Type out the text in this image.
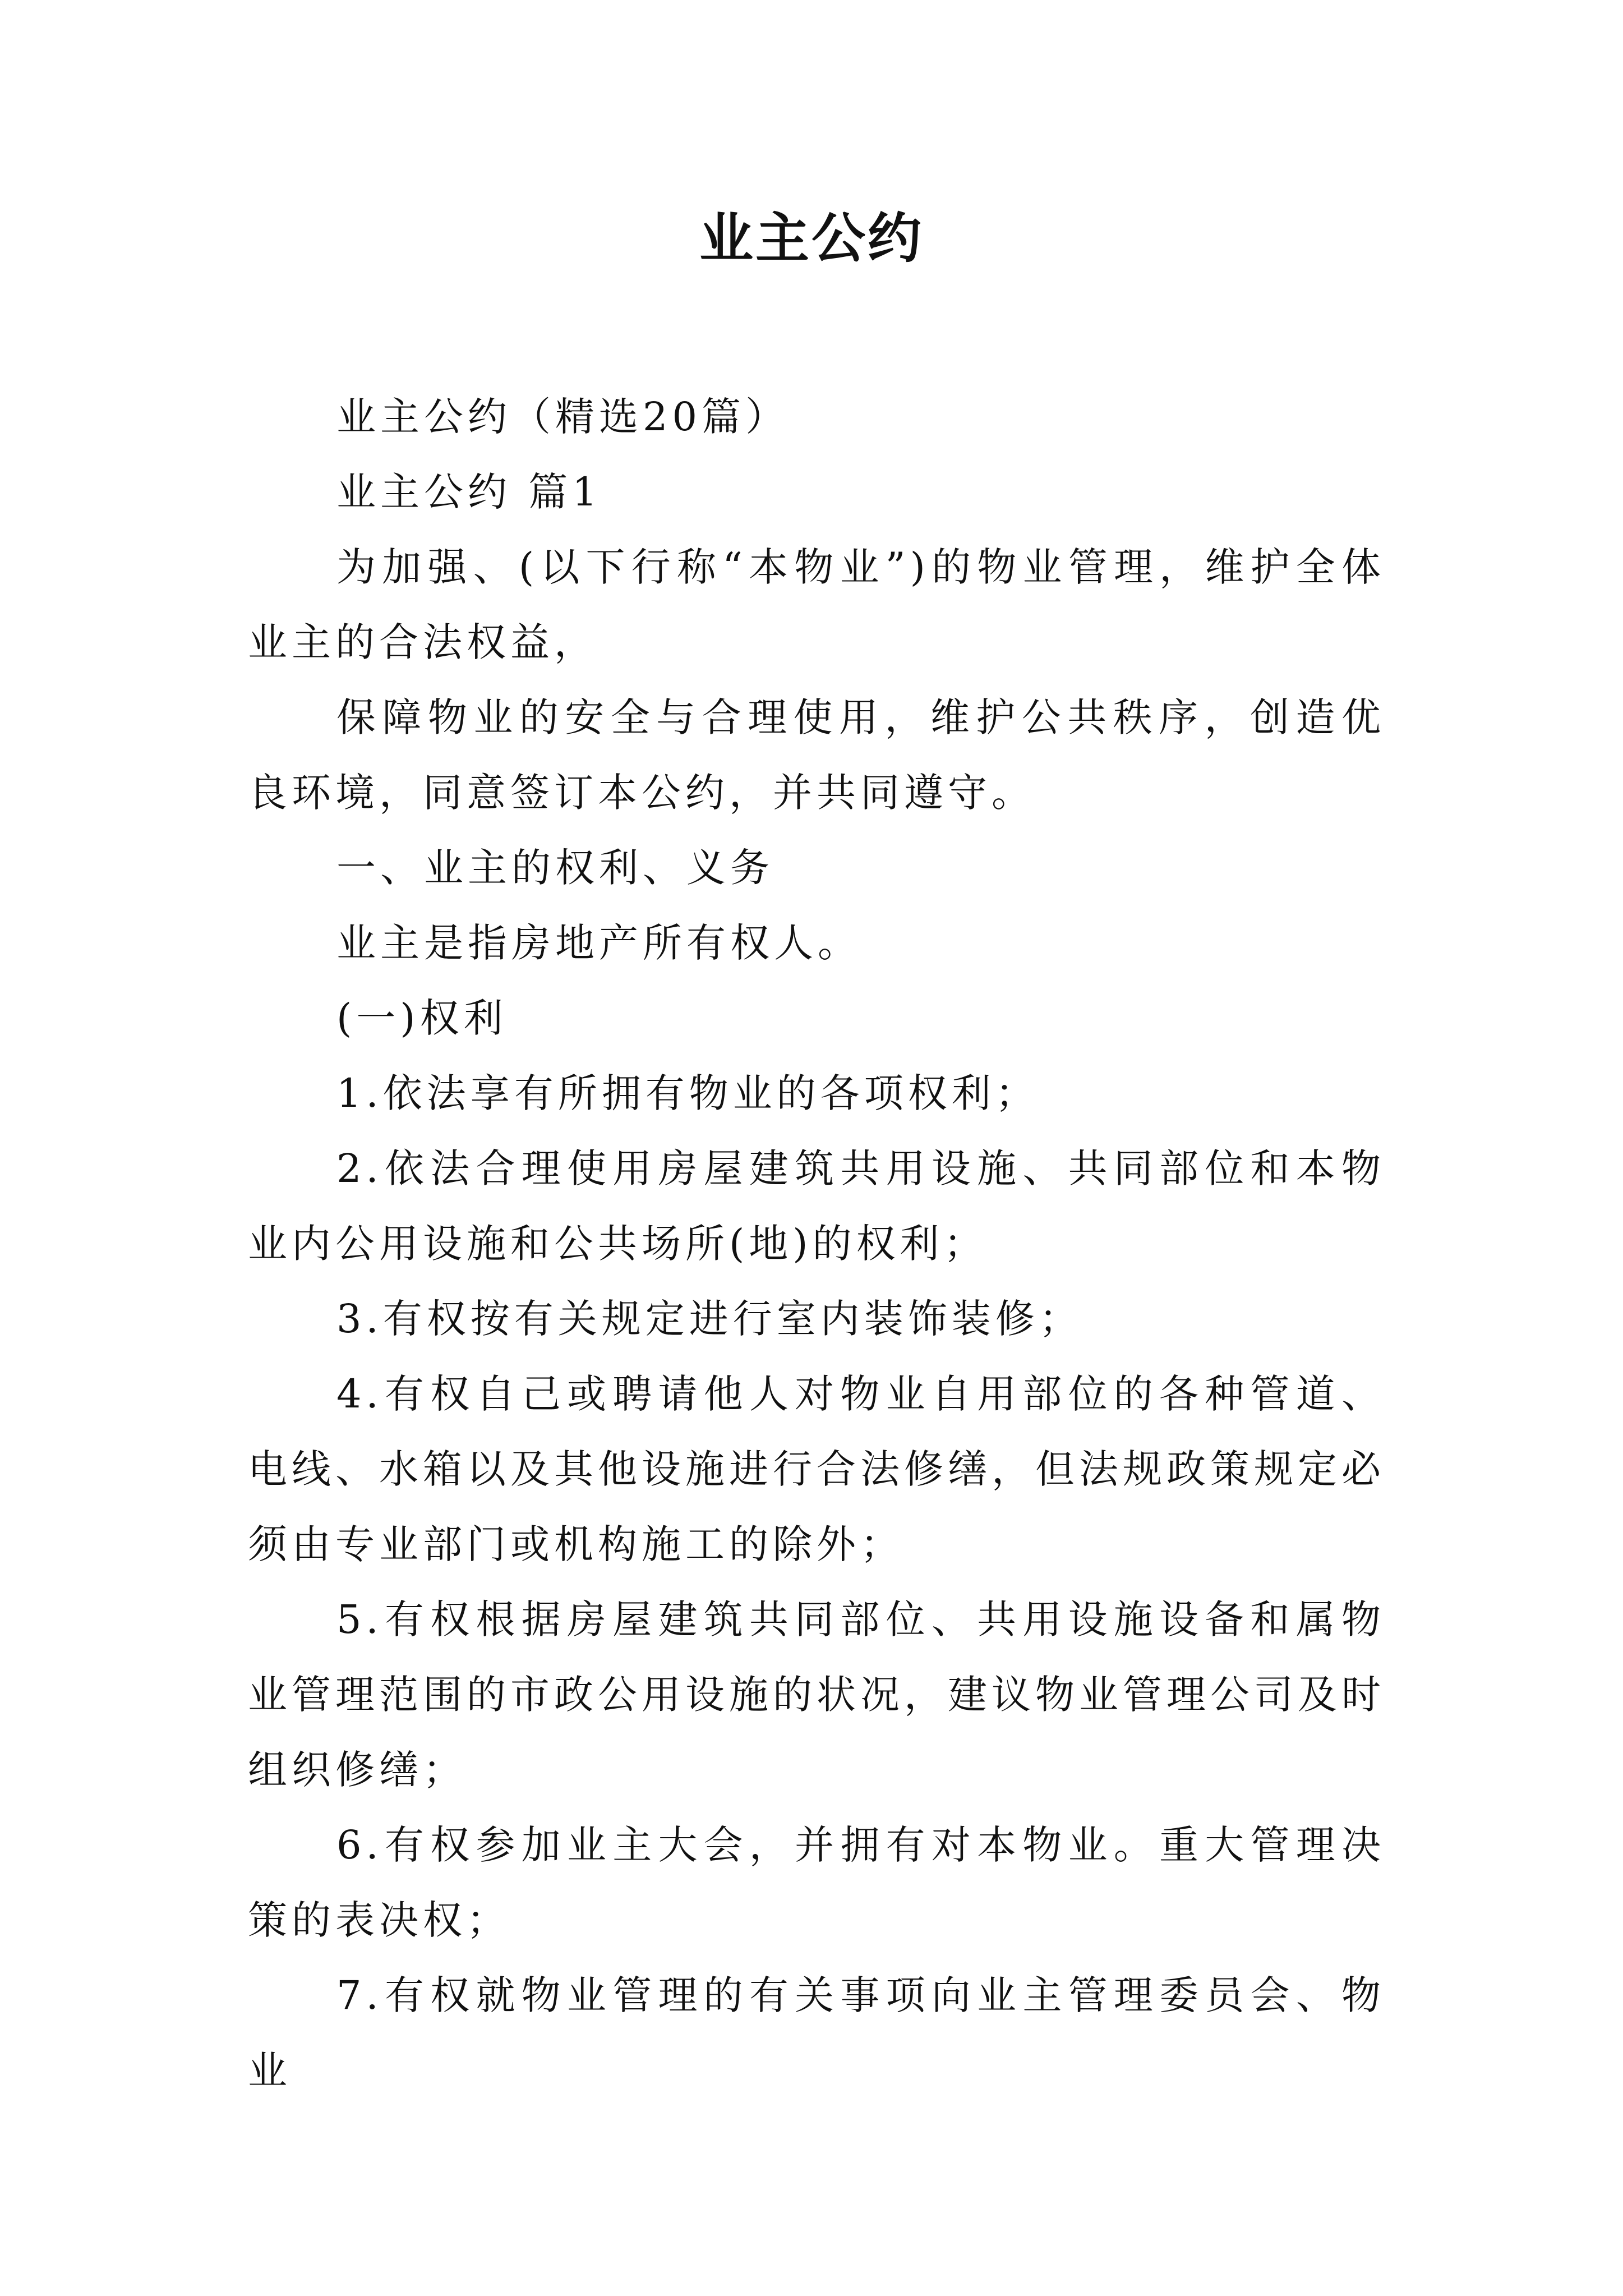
业主公约

业主公约（精选20篇）

业主公约 篇1

为加强、(以下行称“本物业”)的物业管理，维护全体业主的合法权益，

保障物业的安全与合理使用，维护公共秩序，创造优良环境，同意签订本公约，并共同遵守。

一、业主的权利、义务

业主是指房地产所有权人。

(一)权利

1.依法享有所拥有物业的各项权利；

2.依法合理使用房屋建筑共用设施、共同部位和本物业内公用设施和公共场所(地)的权利；

3.有权按有关规定进行室内装饰装修；

4.有权自己或聘请他人对物业自用部位的各种管道、电线、水箱以及其他设施进行合法修缮，但法规政策规定必须由专业部门或机构施工的除外；

5.有权根据房屋建筑共同部位、共用设施设备和属物业管理范围的市政公用设施的状况，建议物业管理公司及时组织修缮；

6.有权参加业主大会，并拥有对本物业。重大管理决策的表决权；

7.有权就物业管理的有关事项向业主管理委员会、物业
